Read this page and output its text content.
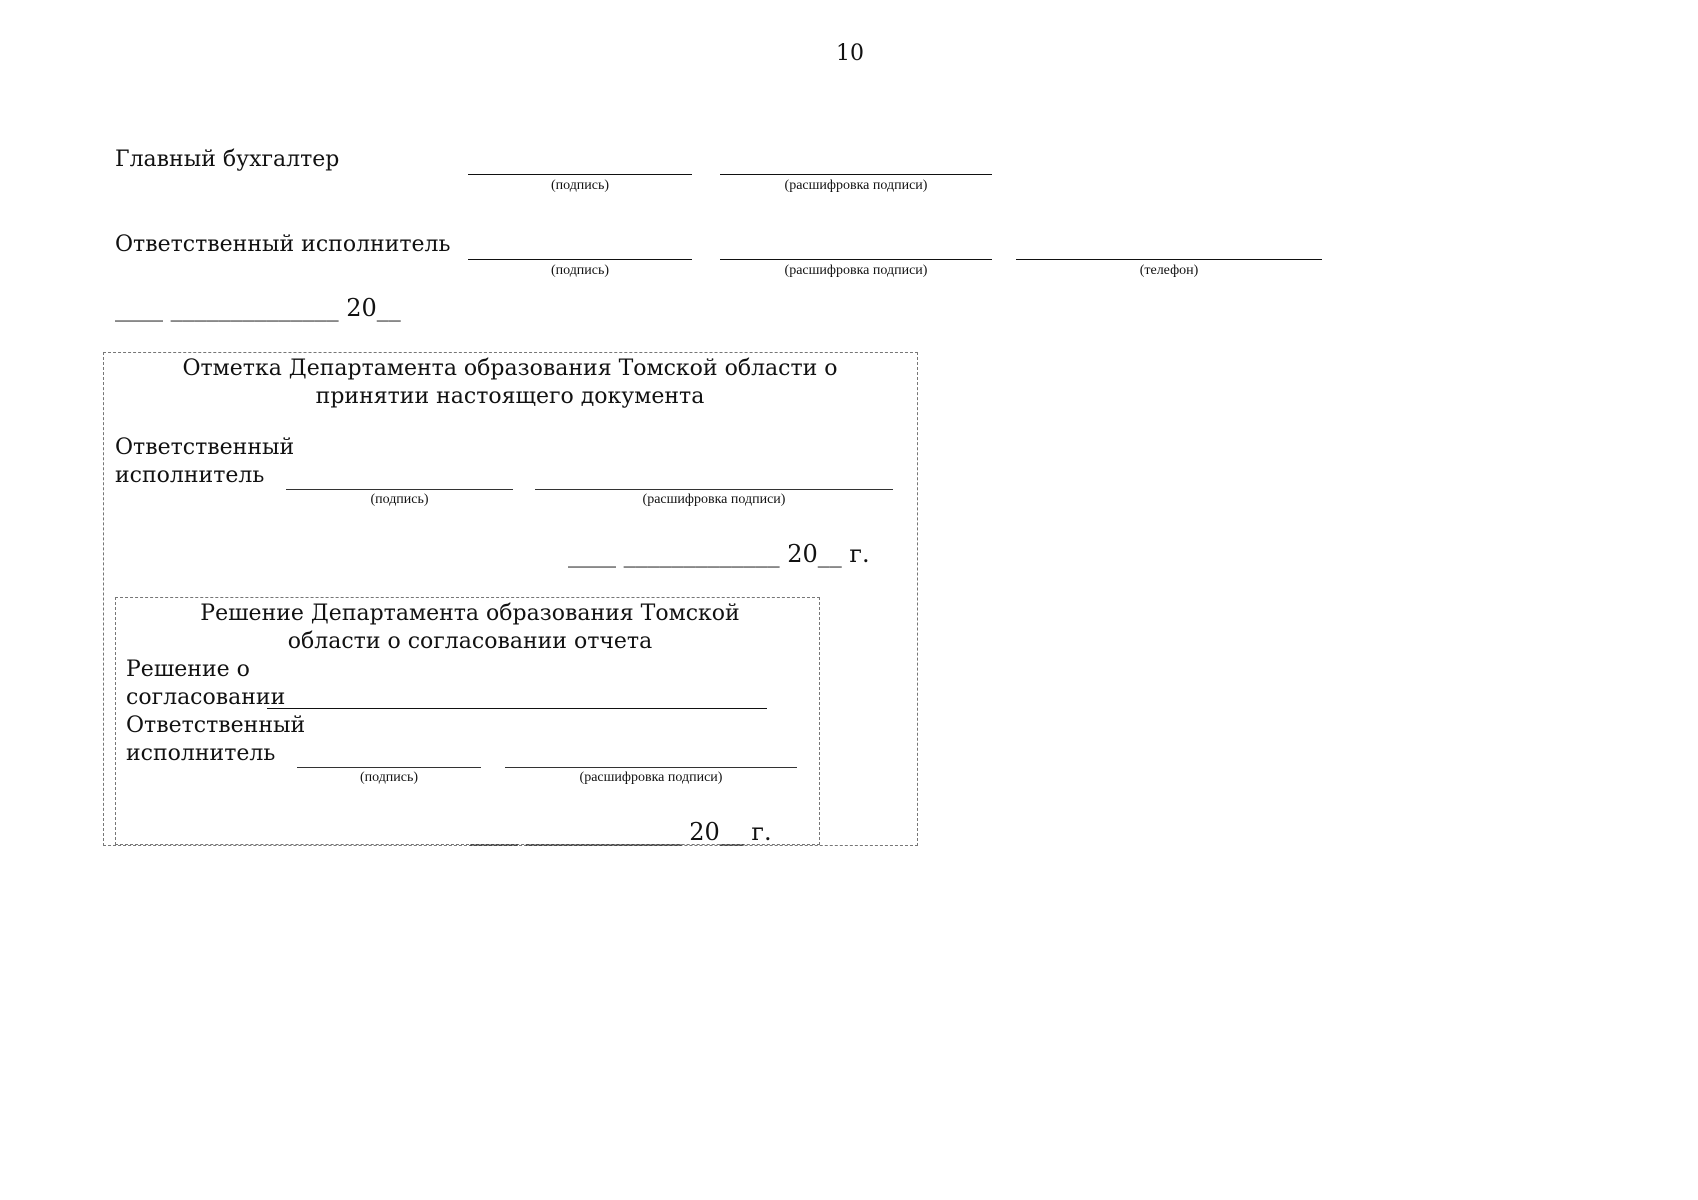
10
Главный бухгалтер
(подпись)	(расшифровка подписи)
Ответственный исполнитель
(подпись)	(расшифровка подписи)	(телефон)
____ ______________ 20__
Отметка Департамента образования Томской области о принятии настоящего документа
Ответственный исполнитель
(подпись)	(расшифровка подписи)
____ _____________ 20__ г.
Решение Департамента образования Томской области о согласовании отчета
Решение о согласовании
Ответственный исполнитель
(подпись)	(расшифровка подписи)
____ _____________ 20__ г.
